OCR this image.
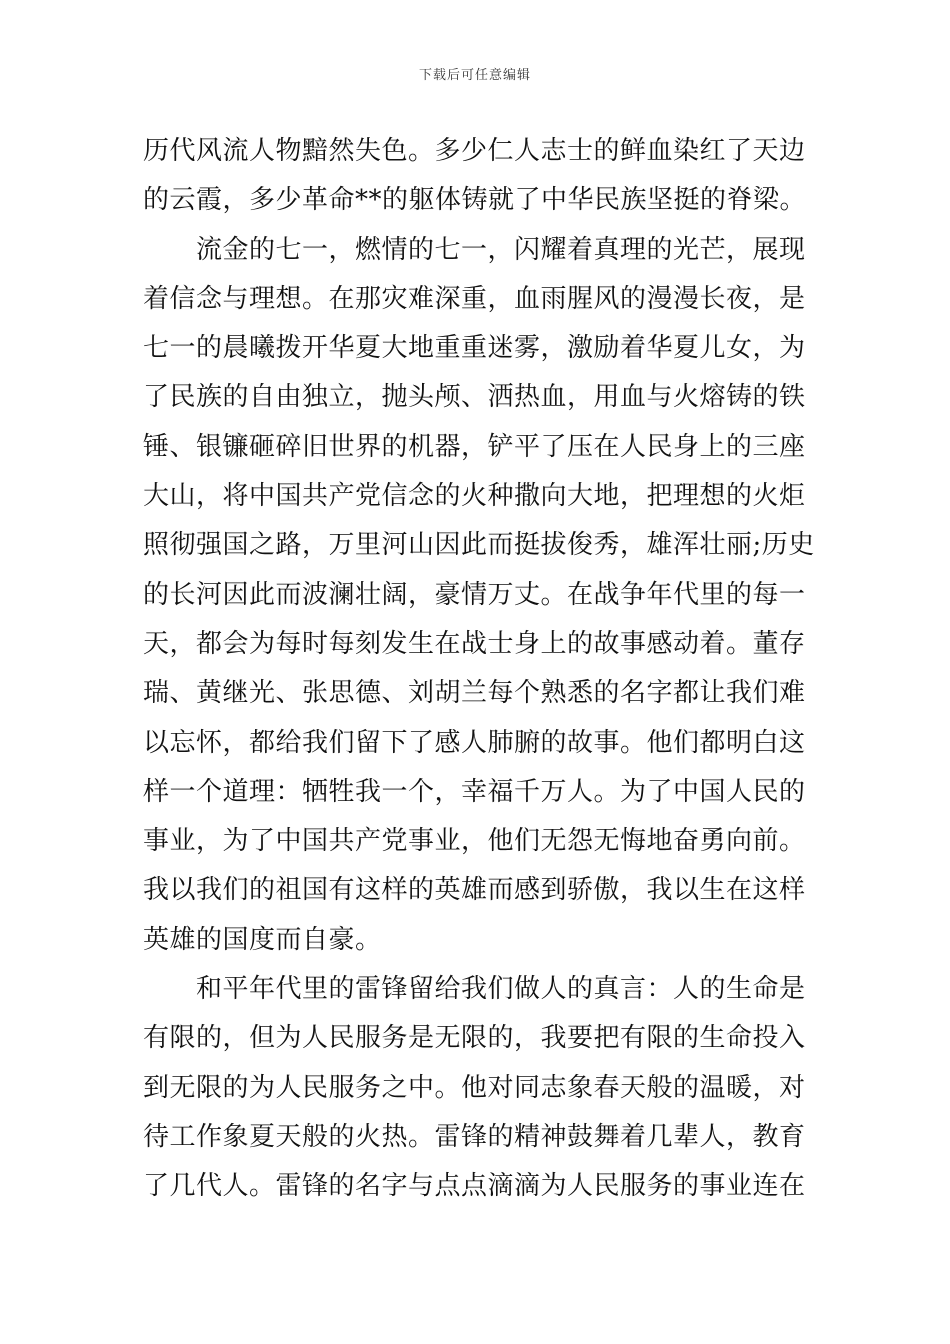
下载后可任意编辑

历代风流人物黯然失色。多少仁人志士的鲜血染红了天边
的云霞，多少革命**的躯体铸就了中华民族坚挺的脊梁。

　　流金的七一，燃情的七一，闪耀着真理的光芒，展现
着信念与理想。在那灾难深重，血雨腥风的漫漫长夜，是
七一的晨曦拨开华夏大地重重迷雾，激励着华夏儿女，为
了民族的自由独立，抛头颅、洒热血，用血与火熔铸的铁
锤、银镰砸碎旧世界的机器，铲平了压在人民身上的三座
大山，将中国共产党信念的火种撒向大地，把理想的火炬
照彻强国之路，万里河山因此而挺拔俊秀，雄浑壮丽;历史
的长河因此而波澜壮阔，豪情万丈。在战争年代里的每一
天，都会为每时每刻发生在战士身上的故事感动着。董存
瑞、黄继光、张思德、刘胡兰每个熟悉的名字都让我们难
以忘怀，都给我们留下了感人肺腑的故事。他们都明白这
样一个道理：牺牲我一个，幸福千万人。为了中国人民的
事业，为了中国共产党事业，他们无怨无悔地奋勇向前。
我以我们的祖国有这样的英雄而感到骄傲，我以生在这样
英雄的国度而自豪。

　　和平年代里的雷锋留给我们做人的真言：人的生命是
有限的，但为人民服务是无限的，我要把有限的生命投入
到无限的为人民服务之中。他对同志象春天般的温暖，对
待工作象夏天般的火热。雷锋的精神鼓舞着几辈人，教育
了几代人。雷锋的名字与点点滴滴为人民服务的事业连在
